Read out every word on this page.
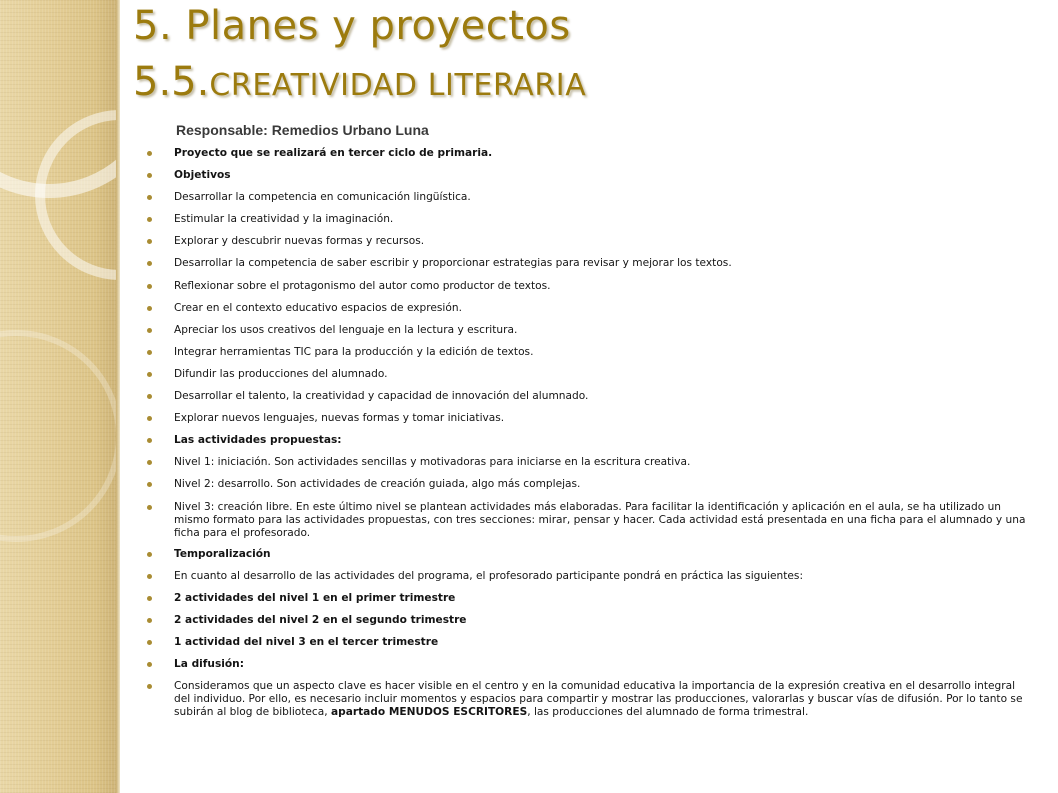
5. Planes y proyectos
5.5.CREATIVIDAD LITERARIA
Responsable: Remedios Urbano Luna
Proyecto que se realizará en tercer ciclo de primaria.
Objetivos
Desarrollar la competencia en comunicación lingüística.
Estimular la creatividad y la imaginación.
Explorar y descubrir nuevas formas y recursos.
Desarrollar la competencia de saber escribir y proporcionar estrategias para revisar y mejorar los textos.
Reflexionar sobre el protagonismo del autor como productor de textos.
Crear en el contexto educativo espacios de expresión.
Apreciar los usos creativos del lenguaje en la lectura y escritura.
Integrar herramientas TIC para la producción y la edición de textos.
Difundir las producciones del alumnado.
Desarrollar el talento, la creatividad y capacidad de innovación del alumnado.
Explorar nuevos lenguajes, nuevas formas y tomar iniciativas.
Las actividades propuestas:
Nivel 1: iniciación. Son actividades sencillas y motivadoras para iniciarse en la escritura creativa.
Nivel 2: desarrollo. Son actividades de creación guiada, algo más complejas.
Nivel 3: creación libre. En este último nivel se plantean actividades más elaboradas. Para facilitar la identificación y aplicación en el aula, se ha utilizado un mismo formato para las actividades propuestas, con tres secciones: mirar, pensar y hacer. Cada actividad está presentada en una ficha para el alumnado y una ficha para el profesorado.
Temporalización
En cuanto al desarrollo de las actividades del programa, el profesorado participante pondrá en práctica las siguientes:
2 actividades del nivel 1 en el primer trimestre
2 actividades del nivel 2 en el segundo trimestre
1 actividad del nivel 3 en el tercer trimestre
La difusión:
Consideramos que un aspecto clave es hacer visible en el centro y en la comunidad educativa la importancia de la expresión creativa en el desarrollo integral del individuo. Por ello, es necesario incluir momentos y espacios para compartir y mostrar las producciones, valorarlas y buscar vías de difusión. Por lo tanto se subirán al blog de biblioteca, apartado MENUDOS ESCRITORES, las producciones del alumnado de forma trimestral.
